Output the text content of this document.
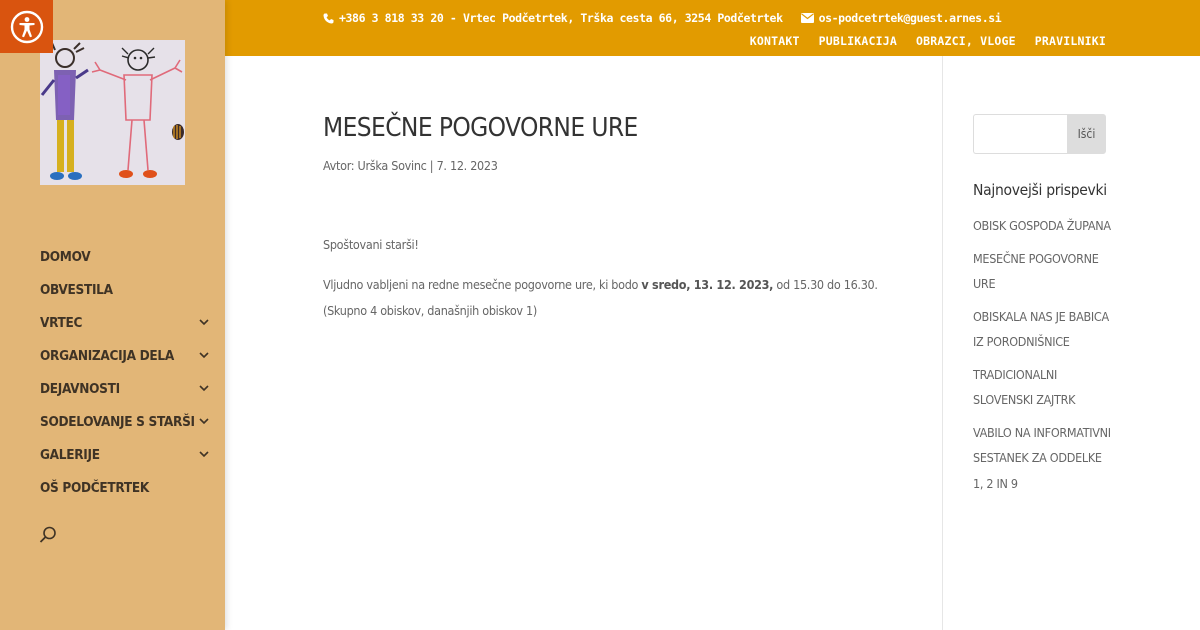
DOMOV
OBVESTILA
VRTEC
ORGANIZACIJA DELA
DEJAVNOSTI
SODELOVANJE S STARŠI
GALERIJE
OŠ PODČETRTEK
+386 3 818 33 20 - Vrtec Podčetrtek, Trška cesta 66, 3254 Podčetrtek	os-podcetrtek@guest.arnes.si
KONTAKT PUBLIKACIJA OBRAZCI, VLOGE PRAVILNIKI
MESEČNE POGOVORNE URE
Avtor: Urška Sovinc | 7. 12. 2023

Spoštovani starši!

Vljudno vabljeni na redne mesečne pogovorne ure, ki bodo v sredo, 13. 12. 2023, od 15.30 do 16.30.
(Skupno 4 obiskov, današnjih obiskov 1)

Išči
Najnovejši prispevki
OBISK GOSPODA ŽUPANA
MESEČNE POGOVORNE URE
OBISKALA NAS JE BABICA IZ PORODNIŠNICE
TRADICIONALNI SLOVENSKI ZAJTRK
VABILO NA INFORMATIVNI SESTANEK ZA ODDELKE 1, 2 IN 9
